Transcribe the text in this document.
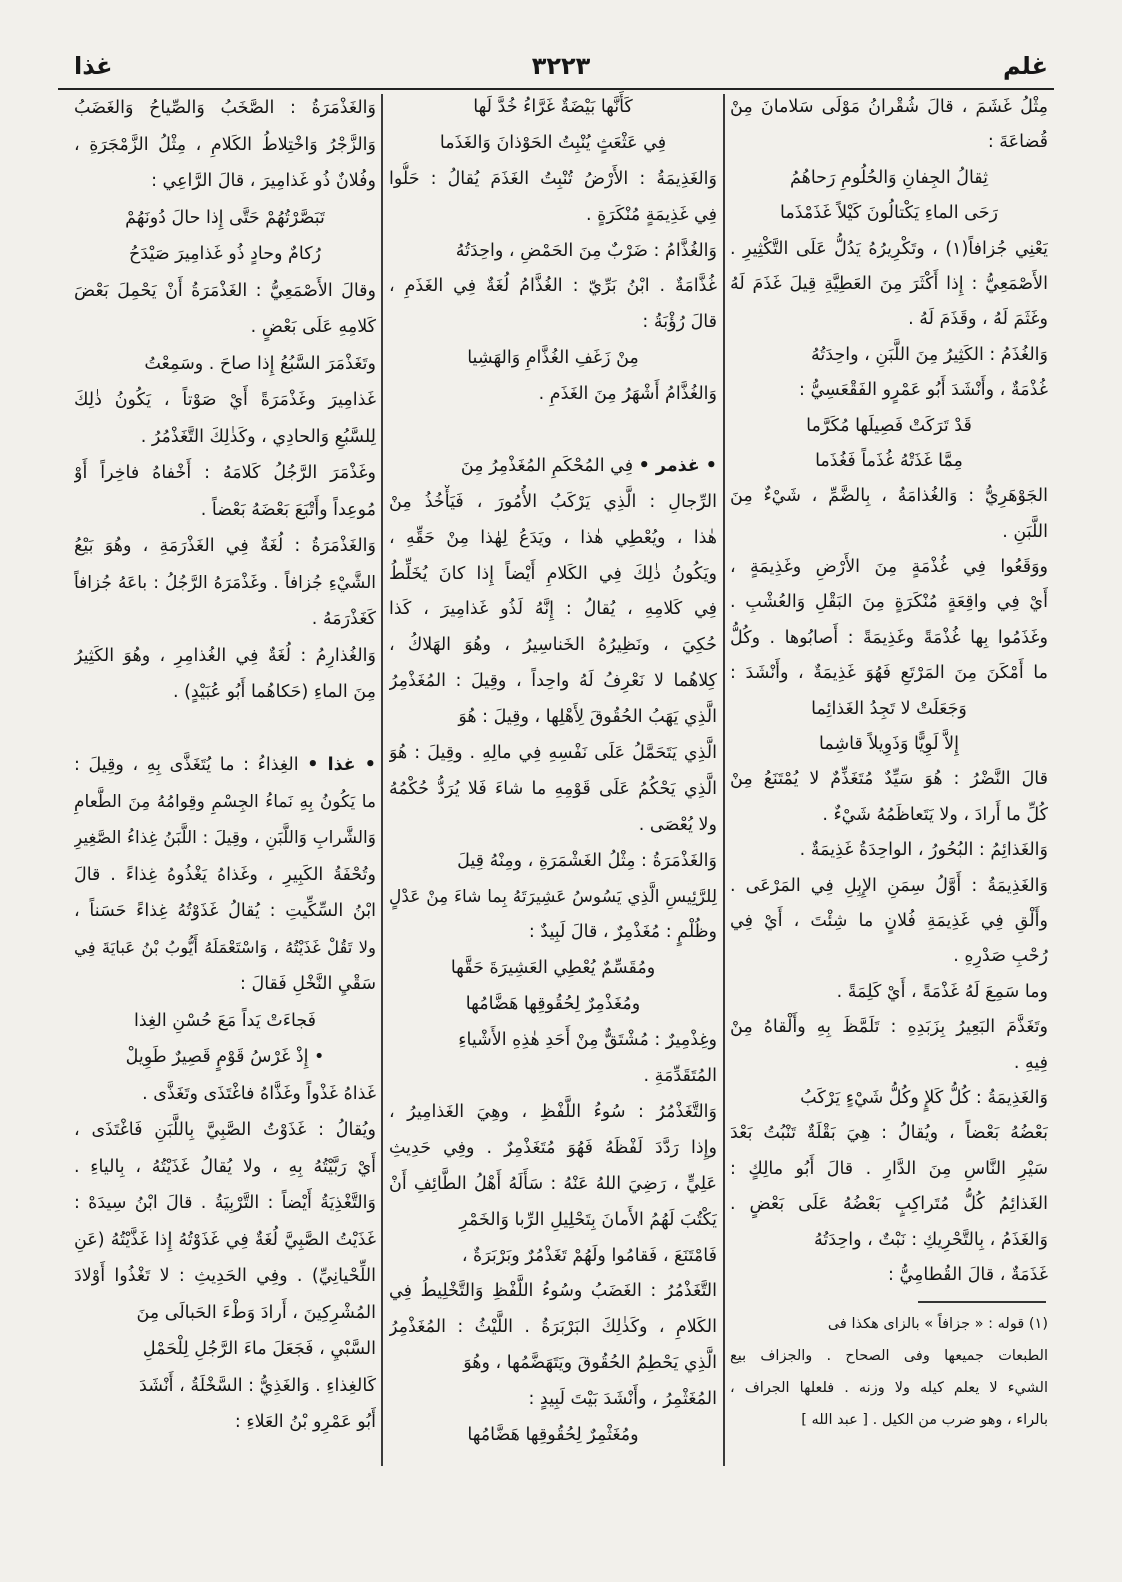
غلم
٣٢٢٣
غذا
مِثْلُ غَشَمَ ، قالَ شُقْرانُ مَوْلَى سَلامانَ مِنْ
قُضاعَةَ :
ثِقالُ الجِفانِ وَالحُلُومِ رَحاهُمُ
رَحَى الماءِ يَكْتالُونَ كَيْلاً غَذَمْذَما
يَعْنِي جُزافاً(١) ، وتَكْرِيرُهُ يَدُلُّ عَلَى التَّكْثِيرِ .
الأَصْمَعِيُّ : إِذا أَكْثَرَ مِنَ العَطِيَّةِ قِيلَ غَذَمَ لَهُ
وغَثَمَ لَهُ ، وقَذَمَ لَهُ .
وَالغُذَمُ : الكَثِيرُ مِنَ اللَّبَنِ ، واحِدَتُهُ
غُذْمَةٌ ، وأَنْشَدَ أَبُو عَمْرٍو الفَقْعَسِيُّ :
قَدْ تَرَكَتْ فَصِيلَها مُكَرَّما
مِمَّا غَذَتْهُ غُذَماً فَغُذَما
الجَوْهَرِيُّ : وَالغُذامَةُ ، بِالضَّمِّ ، شَيْءٌ مِنَ
اللَّبَنِ .
ووَقَعُوا فِي غُذْمَةٍ مِنَ الأَرْضِ وغَذِيمَةٍ ،
أَيْ فِي واقِعَةٍ مُنْكَرَةٍ مِنَ البَقْلِ وَالعُشْبِ .
وغَذَمُوا بِها غُذْمَةً وغَذِيمَةً : أَصابُوها . وكُلُّ
ما أَمْكَنَ مِنَ المَرْتَعِ فَهُوَ غَذِيمَةٌ ، وأَنْشَدَ :
وَجَعَلَتْ لا تَجِدُ الغَذائِما
إِلاَّ لَوِيًّا وَذَوِيلاً قاشِما
قالَ النَّضْرُ : هُوَ سَيِّدٌ مُتَغَذِّمٌ لا يُمْتَنَعُ مِنْ
كُلِّ ما أَرادَ ، ولا يَتَعاظَمُهُ شَيْءٌ .
وَالغَذائِمُ : البُحُورُ ، الواحِدَةُ غَذِيمَةٌ .
وَالغَذِيمَةُ : أَوَّلُ سِمَنِ الإِبِلِ فِي المَرْعَى .
وأَلْقِ فِي غَذِيمَةِ فُلانٍ ما شِئْتَ ، أَيْ فِي
رُحْبِ صَدْرِهِ .
وما سَمِعَ لَهُ غَذْمَةً ، أَيْ كَلِمَةً .
وتَغَذَّمَ البَعِيرُ بِزَبَدِهِ : تَلَمَّظَ بِهِ وأَلْقاهُ مِنْ
فِيهِ .
وَالغَذِيمَةُ : كُلُّ كَلإٍ وكُلُّ شَيْءٍ يَرْكَبُ
بَعْضُهُ بَعْضاً ، ويُقالُ : هِيَ بَقْلَةٌ تَنْبُتُ بَعْدَ
سَيْرِ النَّاسِ مِنَ الدَّارِ . قالَ أَبُو مالِكٍ :
الغَذائِمُ كُلُّ مُتَراكِبٍ بَعْضُهُ عَلَى بَعْضٍ .
وَالغَذَمُ ، بِالتَّحْرِيكِ : نَبْتٌ ، واحِدَتُهُ
غَذَمَةٌ ، قالَ القُطامِيُّ :
كَأَنَّها بَيْضَةٌ غَرَّاءُ خُدَّ لَها
فِي عَثْعَثٍ يُنْبِتُ الحَوْذانَ وَالغَذَما
وَالغَذِيمَةُ : الأَرْضُ تُنْبِتُ الغَذَمَ يُقالُ : حَلُّوا
فِي غَذِيمَةٍ مُنْكَرَةٍ .
وَالغُذَّامُ : ضَرْبٌ مِنَ الحَمْضِ ، واحِدَتُهُ
غُذَّامَةٌ . ابْنُ بَرِّيّ : الغُذَّامُ لُغَةٌ فِي الغَذَمِ ،
قالَ رُؤْبَةُ :
مِنْ زَغَفِ الغُذَّامِ وَالهَشِيا
وَالغُذَّامُ أَشْهَرُ مِنَ الغَذَمِ .
• غذمر • فِي المُحْكَمِ المُغَذْمِرُ مِنَ
الرِّجالِ : الَّذِي يَرْكَبُ الأُمُورَ ، فَيَأْخُذُ مِنْ
هٰذا ، ويُعْطِي هٰذا ، ويَدَعُ لِهٰذا مِنْ حَقِّهِ ،
ويَكُونُ ذٰلِكَ فِي الكَلامِ أَيْضاً إِذا كانَ يُخَلِّطُ
فِي كَلامِهِ ، يُقالُ : إِنَّهُ لَذُو غَذامِيرَ ، كَذا
حُكِيَ ، ونَظِيرُهُ الخَناسِيرُ ، وهُوَ الهَلاكُ ،
كِلاهُما لا نَعْرِفُ لَهُ واحِداً ، وقِيلَ : المُغَذْمِرُ
الَّذِي يَهَبُ الحُقُوقَ لِأَهْلِها ، وقِيلَ : هُوَ
الَّذِي يَتَحَمَّلُ عَلَى نَفْسِهِ فِي مالِهِ . وقِيلَ : هُوَ
الَّذِي يَحْكُمُ عَلَى قَوْمِهِ ما شاءَ فَلا يُرَدُّ حُكْمُهُ
ولا يُعْصَى .
وَالغَذْمَرَةُ : مِثْلُ الغَشْمَرَةِ ، ومِنْهُ قِيلَ
لِلرَّئِيسِ الَّذِي يَسُوسُ عَشِيرَتَهُ بِما شاءَ مِنْ عَدْلٍ
وظُلْمٍ : مُغَذْمِرٌ ، قالَ لَبِيدٌ :
ومُقَسِّمٌ يُعْطِي العَشِيرَةَ حَقَّها
ومُغَذْمِرٌ لِحُقُوقِها هَضَّامُها
وغِذْمِيرٌ : مُشْتَقٌّ مِنْ أَحَدِ هٰذِهِ الأَشْياءِ
المُتَقَدِّمَةِ .
وَالتَّغَذْمُرُ : سُوءُ اللَّفْظِ ، وهِيَ الغَذامِيرُ ،
وإِذا رَدَّدَ لَفْظَهُ فَهُوَ مُتَغَذْمِرٌ . وفِي حَدِيثِ
عَلِيٍّ ، رَضِيَ اللهُ عَنْهُ : سَأَلَهُ أَهْلُ الطَّائِفِ أَنْ
يَكْتُبَ لَهُمُ الأَمانَ بِتَحْلِيلِ الرِّبا وَالخَمْرِ
فَامْتَنَعَ ، فَقامُوا ولَهُمْ تَغَذْمُرٌ وبَرْبَرَةٌ ،
التَّغَذْمُرُ : الغَضَبُ وسُوءُ اللَّفْظِ وَالتَّخْلِيطُ فِي
الكَلامِ ، وكَذٰلِكَ البَرْبَرَةُ . اللَّيْثُ : المُغَذْمِرُ
الَّذِي يَحْطِمُ الحُقُوقَ ويَتَهَضَّمُها ، وهُوَ
المُغَثْمِرُ ، وأَنْشَدَ بَيْتَ لَبِيدٍ :
ومُغَثْمِرٌ لِحُقُوقِها هَضَّامُها
وَالغَذْمَرَةُ : الصَّخَبُ وَالصِّياحُ وَالغَضَبُ
وَالزَّجْرُ وَاخْتِلاطُ الكَلامِ ، مِثْلُ الزَّمْجَرَةِ ،
وفُلانٌ ذُو غَذامِيرَ ، قالَ الرَّاعِي :
تَبَصَّرْتُهُمْ حَتَّى إِذا حالَ دُونَهُمْ
رُكامٌ وحادٍ ذُو غَذامِيرَ صَيْدَحُ
وقالَ الأَصْمَعِيُّ : الغَذْمَرَةُ أَنْ يَحْمِلَ بَعْضَ
كَلامِهِ عَلَى بَعْضٍ .
وتَغَذْمَرَ السَّبُعُ إِذا صاحَ . وسَمِعْتُ
غَذامِيرَ وغَذْمَرَةً أَيْ صَوْتاً ، يَكُونُ ذٰلِكَ
لِلسَّبُعِ وَالحادِي ، وكَذٰلِكَ التَّغَذْمُرُ .
وغَذْمَرَ الرَّجُلُ كَلامَهُ : أَخْفاهُ فاخِراً أَوْ
مُوعِداً وأَتْبَعَ بَعْضَهُ بَعْضاً .
وَالغَذْمَرَةُ : لُغَةٌ فِي الغَذْرَمَةِ ، وهُوَ بَيْعُ
الشَّيْءِ جُزافاً . وغَذْمَرَهُ الرَّجُلُ : باعَهُ جُزافاً
كَغَذْرَمَهُ .
وَالغُذارِمُ : لُغَةٌ فِي الغُذامِرِ ، وهُوَ الكَثِيرُ
مِنَ الماءِ (حَكاهُما أَبُو عُبَيْدٍ) .
• غذا • الغِذاءُ : ما يُتَغَذَّى بِهِ ، وقِيلَ :
ما يَكُونُ بِهِ نَماءُ الجِسْمِ وقِوامُهُ مِنَ الطَّعامِ
وَالشَّرابِ وَاللَّبَنِ ، وقِيلَ : اللَّبَنُ غِذاءُ الصَّغِيرِ
وتُحْفَةُ الكَبِيرِ ، وغَذاهُ يَغْذُوهُ غِذاءً . قالَ
ابْنُ السِّكِّيتِ : يُقالُ غَذَوْتُهُ غِذاءً حَسَناً ،
ولا تَقُلْ غَذَيْتُهُ ، وَاسْتَعْمَلَهُ أَيُّوبُ بْنُ عَبايَةَ فِي
سَقْيِ النَّخْلِ فَقالَ :
فَجاءَتْ يَداً مَعَ حُسْنِ الغِذا
• إِذْ غَرْسُ قَوْمٍ قَصِيرٌ طَوِيلْ
غَذاهُ غَذْواً وغَذَّاهُ فاغْتَذَى وتَغَذَّى .
ويُقالُ : غَذَوْتُ الصَّبِيَّ بِاللَّبَنِ فَاغْتَذَى ،
أَيْ رَبَّيْتُهُ بِهِ ، ولا يُقالُ غَذَيْتُهُ ، بِالياءِ .
وَالتَّغْذِيَةُ أَيْضاً : التَّرْبِيَةُ . قالَ ابْنُ سِيدَهْ :
غَذَيْتُ الصَّبِيَّ لُغَةٌ فِي غَذَوْتُهُ إِذا غَذَّيْتُهُ (عَنِ
اللِّحْيانِيِّ) . وفِي الحَدِيثِ : لا تَغْذُوا أَوْلادَ
المُشْرِكِينَ ، أَرادَ وَطْءَ الحَبالَى مِنَ
السَّبْيِ ، فَجَعَلَ ماءَ الرَّجُلِ لِلْحَمْلِ
كَالغِذاءِ . وَالغَذِيُّ : السَّخْلَةُ ، أَنْشَدَ
أَبُو عَمْرِو بْنُ العَلاءِ :
(١) قوله : « جزافاً » بالزاى هكذا فى
الطبعات جميعها وفى الصحاح . والجزاف بيع
الشيء لا يعلم كيله ولا وزنه . فلعلها الجراف ،
بالراء ، وهو ضرب من الكيل . [ عبد الله ]
